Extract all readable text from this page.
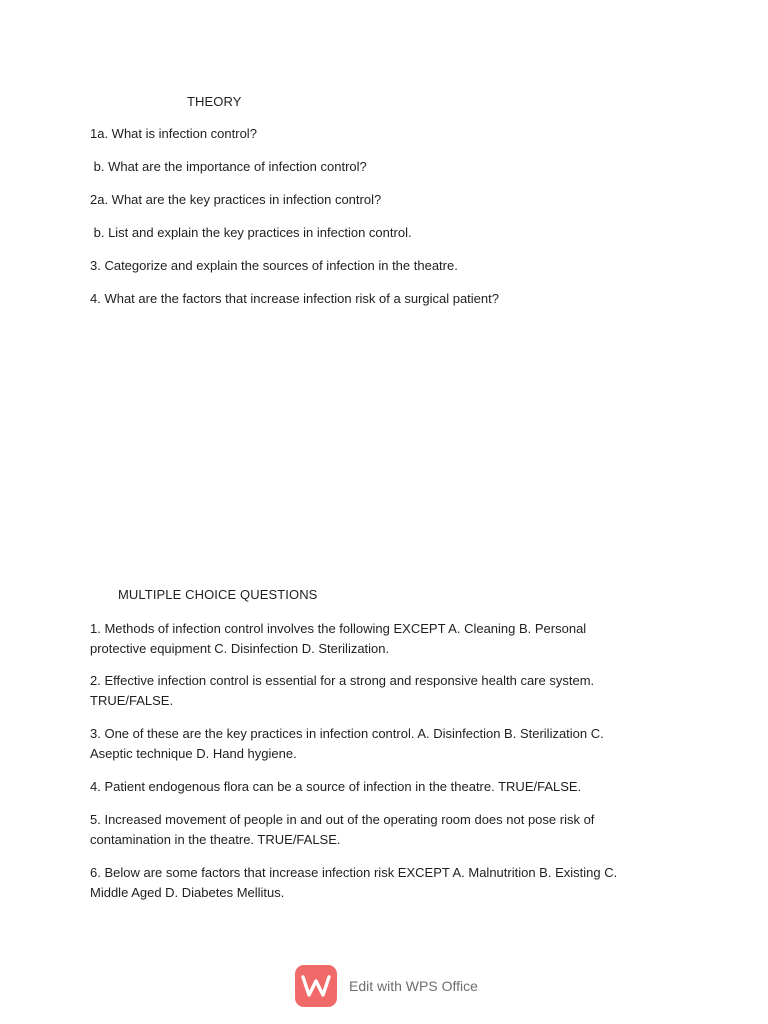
THEORY
1a. What is infection control?
b. What are the importance of infection control?
2a. What are the key practices in infection control?
b. List and explain the key practices in infection control.
3. Categorize and explain the sources of infection in the theatre.
4. What are the factors that increase infection risk of a surgical patient?
MULTIPLE CHOICE QUESTIONS
1. Methods of infection control involves the following EXCEPT A. Cleaning B. Personal
protective equipment C. Disinfection D. Sterilization.
2. Effective infection control is essential for a strong and responsive health care system.
TRUE/FALSE.
3. One of these are the key practices in infection control. A. Disinfection B. Sterilization C.
Aseptic technique D. Hand hygiene.
4. Patient endogenous flora can be a source of infection in the theatre. TRUE/FALSE.
5. Increased movement of people in and out of the operating room does not pose risk of
contamination in the theatre. TRUE/FALSE.
6. Below are some factors that increase infection risk EXCEPT A. Malnutrition B. Existing C.
Middle Aged D. Diabetes Mellitus.
Edit with WPS Office
